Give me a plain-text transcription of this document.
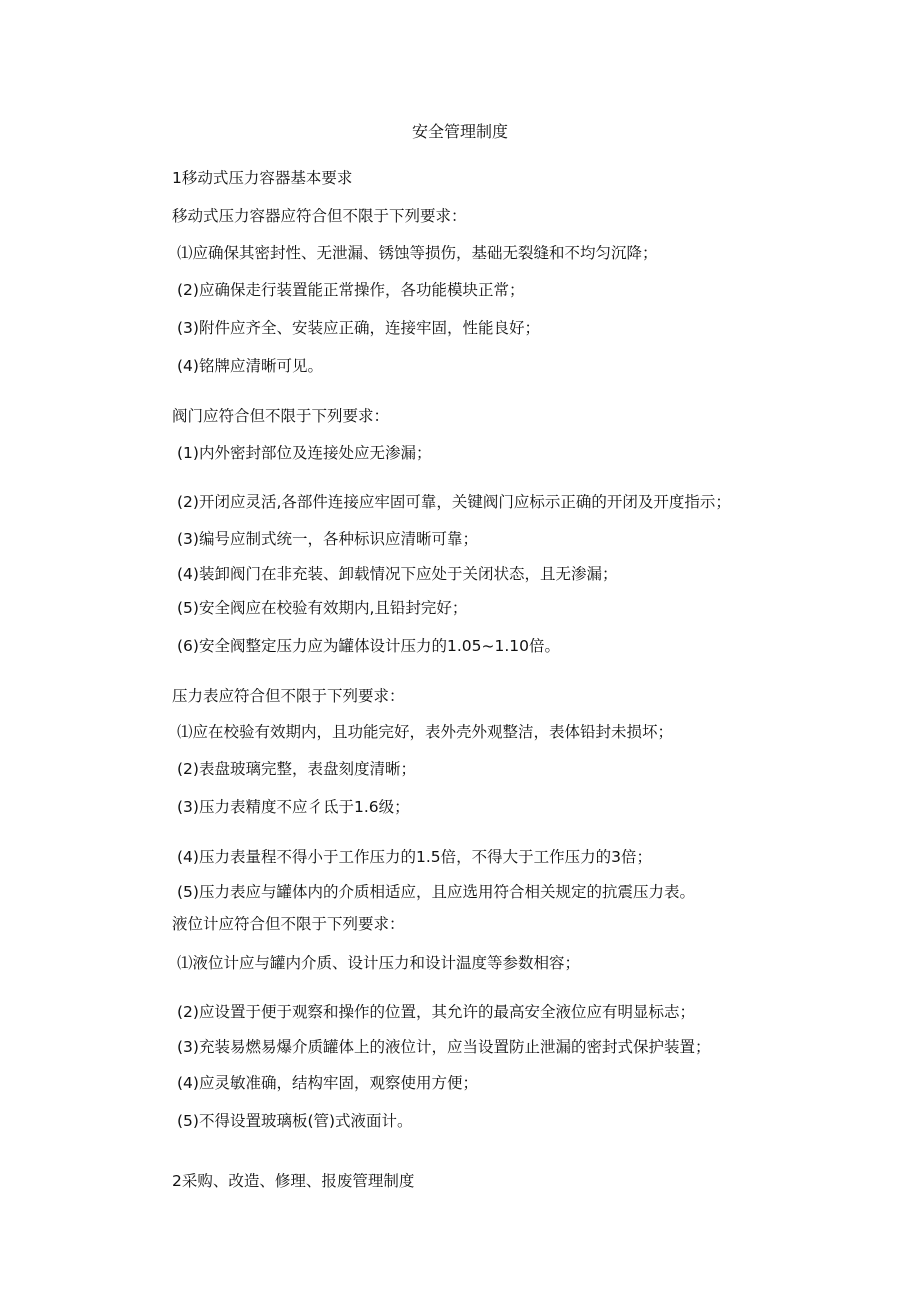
安全管理制度
1移动式压力容器基本要求
移动式压力容器应符合但不限于下列要求：
⑴应确保其密封性、无泄漏、锈蚀等损伤，基础无裂缝和不均匀沉降；
(2)应确保走行装置能正常操作，各功能模块正常；
(3)附件应齐全、安装应正确，连接牢固，性能良好；
(4)铭牌应清晰可见。
阀门应符合但不限于下列要求：
(1)内外密封部位及连接处应无渗漏；
(2)开闭应灵活,各部件连接应牢固可靠，关键阀门应标示正确的开闭及开度指示；
(3)编号应制式统一，各种标识应清晰可靠；
(4)装卸阀门在非充装、卸载情况下应处于关闭状态，且无渗漏；
(5)安全阀应在校验有效期内,且铅封完好；
(6)安全阀整定压力应为罐体设计压力的1.05~1.10倍。
压力表应符合但不限于下列要求：
⑴应在校验有效期内，且功能完好，表外壳外观整洁，表体铅封未损坏；
(2)表盘玻璃完整，表盘刻度清晰；
(3)压力表精度不应彳氐于1.6级；
(4)压力表量程不得小于工作压力的1.5倍，不得大于工作压力的3倍；
(5)压力表应与罐体内的介质相适应，且应选用符合相关规定的抗震压力表。
液位计应符合但不限于下列要求：
⑴液位计应与罐内介质、设计压力和设计温度等参数相容；
(2)应设置于便于观察和操作的位置，其允许的最高安全液位应有明显标志；
(3)充装易燃易爆介质罐体上的液位计，应当设置防止泄漏的密封式保护装置；
(4)应灵敏准确，结构牢固，观察使用方便；
(5)不得设置玻璃板(管)式液面计。
2采购、改造、修理、报废管理制度
